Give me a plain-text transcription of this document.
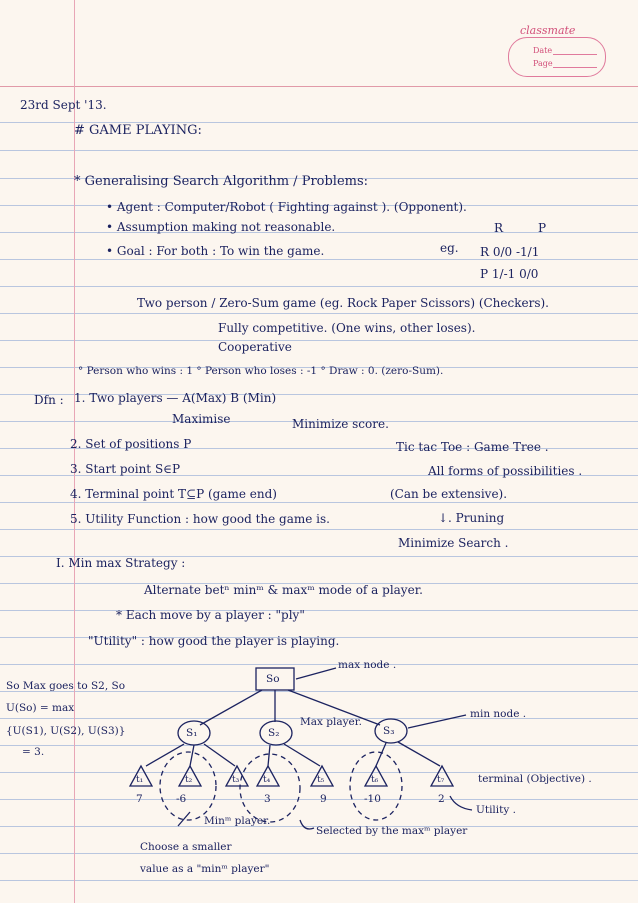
classmate
Date
Page
23rd Sept '13.
# GAME PLAYING:
* Generalising Search Algorithm / Problems:
• Agent : Computer/Robot ( Fighting against ). (Opponent).
• Assumption making not reasonable.
• Goal : For both : To win the game.
Two person / Zero-Sum game (eg. Rock Paper Scissors) (Checkers).
Fully competitive. (One wins, other loses).
Cooperative
° Person who wins : 1 ° Person who loses : -1 ° Draw : 0. (zero-Sum).
eg.
R	P
R 0/0 -1/1
P 1/-1 0/0
Dfn : 1. Two players — A(Max) B (Min)
Maximise	Minimize score.
2. Set of positions P
3. Start point S∈P
4. Terminal point T⊆P (game end)
5. Utility Function : how good the game is.
Tic tac Toe : Game Tree .
All forms of possibilities .
(Can be extensive).
↓. Pruning
Minimize Search .
I. Min max Strategy :
Alternate betⁿ minᵐ & maxᵐ mode of a player.
* Each move by a player : "ply"
"Utility" : how good the player is playing.
So Max goes to S2, So
U(So) = max
{U(S1), U(S2), U(S3)}
= 3.
max node .
So
S₁	S₂	S₃
Max player.
min node .
t₁	t₂	t₃	t₄	t₅	t₆	t₇
7	-6	3	9	-10	2
terminal (Objective) .
Utility .
Minᵐ player.
Selected by the maxᵐ player
Choose a smaller
value as a "minᵐ player"
